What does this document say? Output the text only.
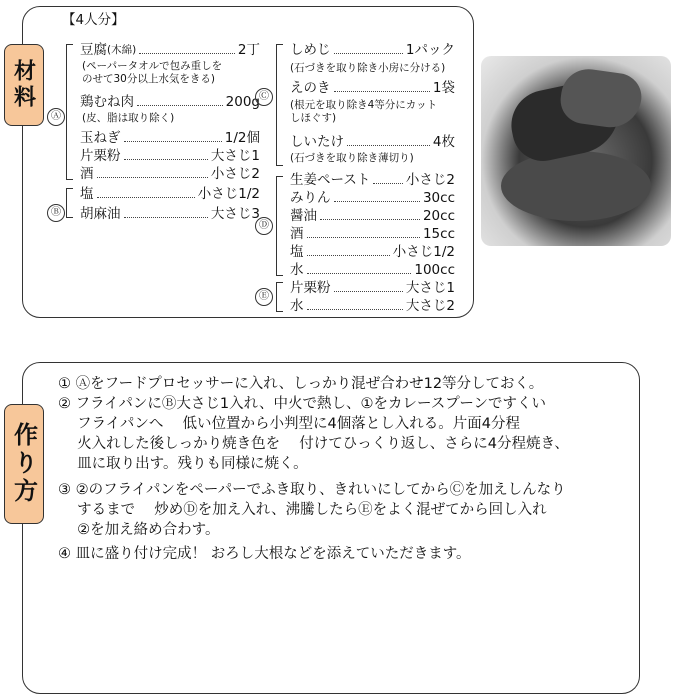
材料
【4人分】
Ⓐ
豆腐 (木綿)	2丁
(ペーパータオルで包み重しを
のせて30分以上水気をきる)
鶏むね肉	200g
(皮、脂は取り除く)
玉ねぎ	1/2個
片栗粉	大さじ1
酒	小さじ2
Ⓑ
塩	小さじ1/2
胡麻油	大さじ3
Ⓒ
しめじ	1パック
(石づきを取り除き小房に分ける)
えのき	1袋
(根元を取り除き4等分にカット
しほぐす)
しいたけ	4枚
(石づきを取り除き薄切り)
Ⓓ
生姜ペースト	小さじ2
みりん	30cc
醤油	20cc
酒	15cc
塩	小さじ1/2
水	100cc
Ⓔ
片栗粉	大さじ1
水	大さじ2
作り方
① Ⓐをフードプロセッサーに入れ、しっかり混ぜ合わせ12等分しておく。
② フライパンにⒷ大さじ1入れ、中火で熱し、①をカレースプーンですくい
　 フライパンへ　 低い位置から小判型に4個落とし入れる。片面4分程
　 火入れした後しっかり焼き色を　 付けてひっくり返し、さらに4分程焼き、
　 皿に取り出す。残りも同様に焼く。
③ ②のフライパンをペーパーでふき取り、きれいにしてからⒸを加えしんなり
　 するまで　 炒めⒹを加え入れ、沸騰したらⒺをよく混ぜてから回し入れ
　 ②を加え絡め合わす。
④ 皿に盛り付け完成！ おろし大根などを添えていただきます。
